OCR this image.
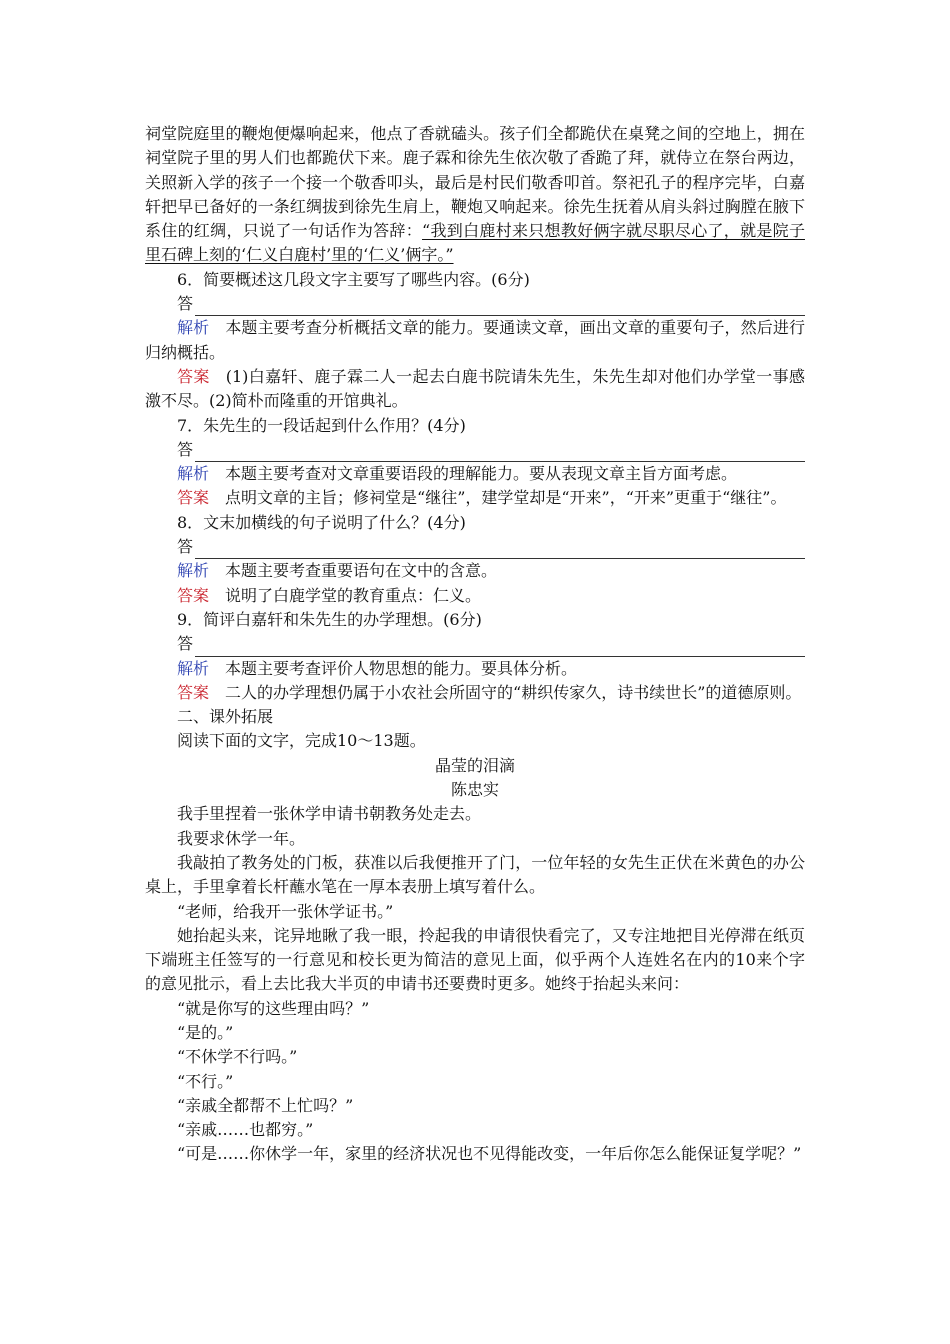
祠堂院庭里的鞭炮便爆响起来，他点了香就磕头。孩子们全都跪伏在桌凳之间的空地上，拥在祠堂院子里的男人们也都跪伏下来。鹿子霖和徐先生依次敬了香跪了拜，就侍立在祭台两边，关照新入学的孩子一个接一个敬香叩头，最后是村民们敬香叩首。祭祀孔子的程序完毕，白嘉轩把早已备好的一条红绸拔到徐先生肩上，鞭炮又响起来。徐先生抚着从肩头斜过胸膛在腋下系住的红绸，只说了一句话作为答辞：“我到白鹿村来只想教好俩字就尽职尽心了，就是院子里石碑上刻的‘仁义白鹿村’里的‘仁义’俩字。”

6．简要概述这几段文字主要写了哪些内容。(6分)

答

解析 本题主要考查分析概括文章的能力。要通读文章，画出文章的重要句子，然后进行归纳概括。

答案 (1)白嘉轩、鹿子霖二人一起去白鹿书院请朱先生，朱先生却对他们办学堂一事感激不尽。(2)简朴而隆重的开馆典礼。

7．朱先生的一段话起到什么作用？(4分)

答

解析 本题主要考查对文章重要语段的理解能力。要从表现文章主旨方面考虑。

答案 点明文章的主旨；修祠堂是“继往”，建学堂却是“开来”，“开来”更重于“继往”。

8．文末加横线的句子说明了什么？(4分)

答

解析 本题主要考查重要语句在文中的含意。

答案 说明了白鹿学堂的教育重点：仁义。

9．简评白嘉轩和朱先生的办学理想。(6分)

答

解析 本题主要考查评价人物思想的能力。要具体分析。

答案 二人的办学理想仍属于小农社会所固守的“耕织传家久，诗书续世长”的道德原则。

二、课外拓展

阅读下面的文字，完成10～13题。

晶莹的泪滴

陈忠实

我手里捏着一张休学申请书朝教务处走去。

我要求休学一年。

我敲拍了教务处的门板，获准以后我便推开了门，一位年轻的女先生正伏在米黄色的办公桌上，手里拿着长杆蘸水笔在一厚本表册上填写着什么。

“老师，给我开一张休学证书。”

她抬起头来，诧异地瞅了我一眼，拎起我的申请很快看完了，又专注地把目光停滞在纸页下端班主任签写的一行意见和校长更为简洁的意见上面，似乎两个人连姓名在内的10来个字的意见批示，看上去比我大半页的申请书还要费时更多。她终于抬起头来问：

“就是你写的这些理由吗？”

“是的。”

“不休学不行吗。”

“不行。”

“亲戚全都帮不上忙吗？”

“亲戚……也都穷。”

“可是……你休学一年，家里的经济状况也不见得能改变，一年后你怎么能保证复学呢？”
